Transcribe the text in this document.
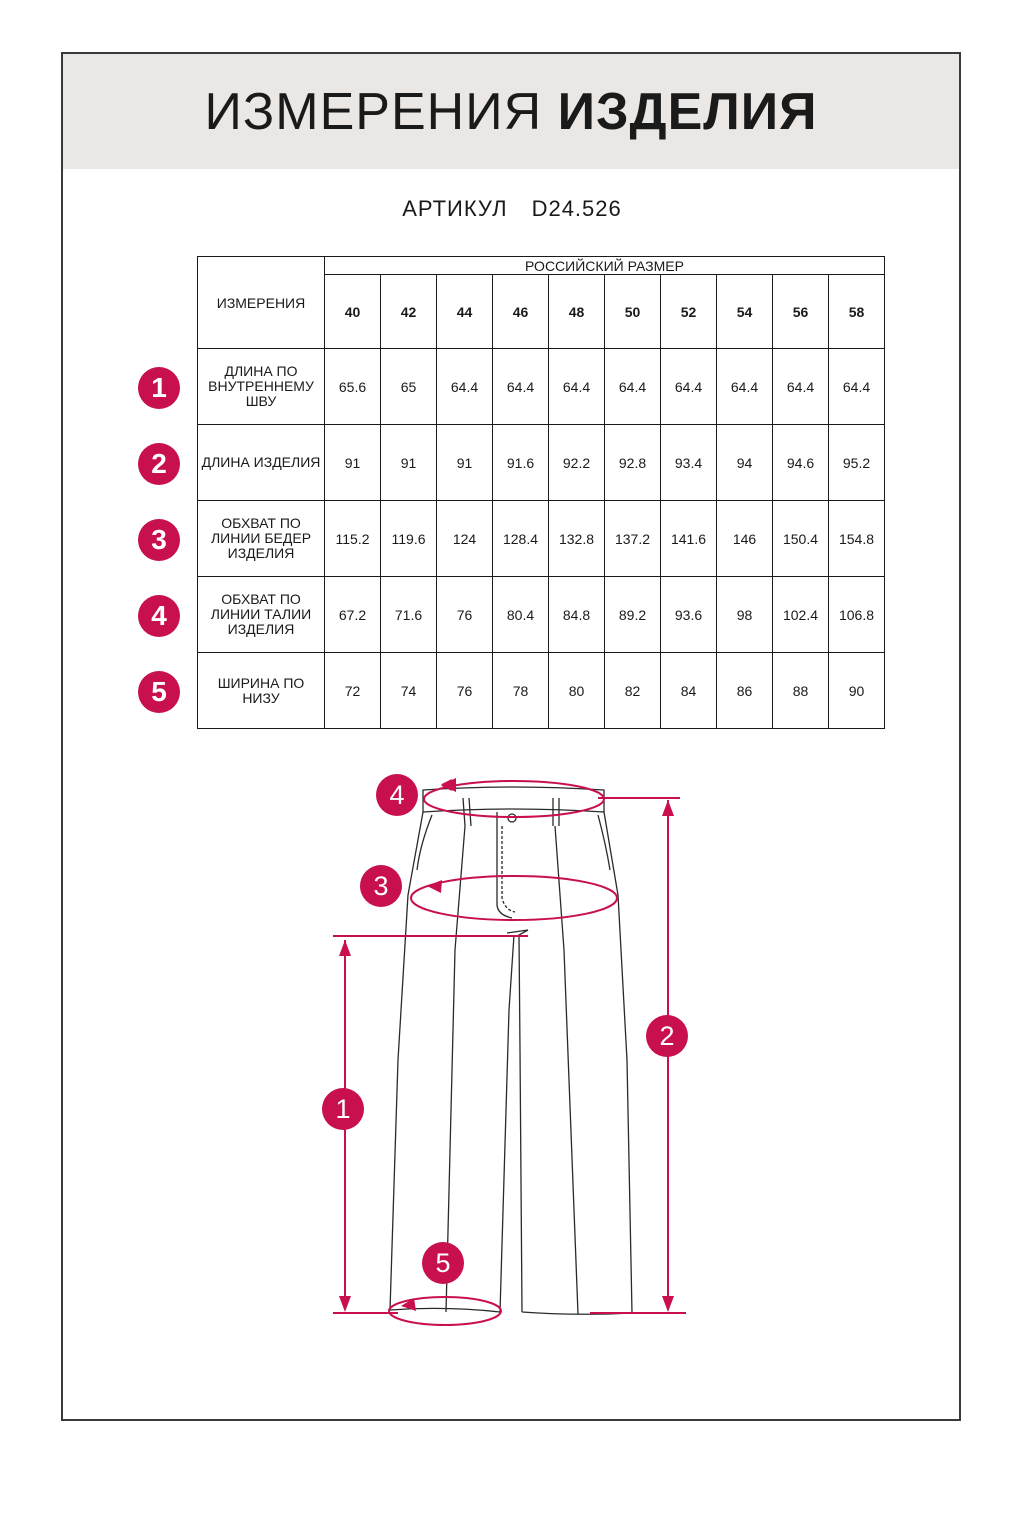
ИЗМЕРЕНИЯ ИЗДЕЛИЯ
АРТИКУЛ D24.526
ИЗМЕРЕНИЯ	РОССИЙСКИЙ РАЗМЕР									
	40	42	44	46	48	50	52	54	56	58

ДЛИНА ПО
ВНУТРЕННЕМУ
ШВУ	65.6	65	64.4	64.4	64.4	64.4	64.4	64.4	64.4	64.4

ДЛИНА ИЗДЕЛИЯ	91	91	91	91.6	92.2	92.8	93.4	94	94.6	95.2

ОБХВАТ ПО
ЛИНИИ БЕДЕР
ИЗДЕЛИЯ	115.2	119.6	124	128.4	132.8	137.2	141.6	146	150.4	154.8

ОБХВАТ ПО
ЛИНИИ ТАЛИИ
ИЗДЕЛИЯ	67.2	71.6	76	80.4	84.8	89.2	93.6	98	102.4	106.8

ШИРИНА ПО
НИЗУ	72	74	76	78	80	82	84	86	88	90
1
2
3
4
5
4
3
1
2
5
